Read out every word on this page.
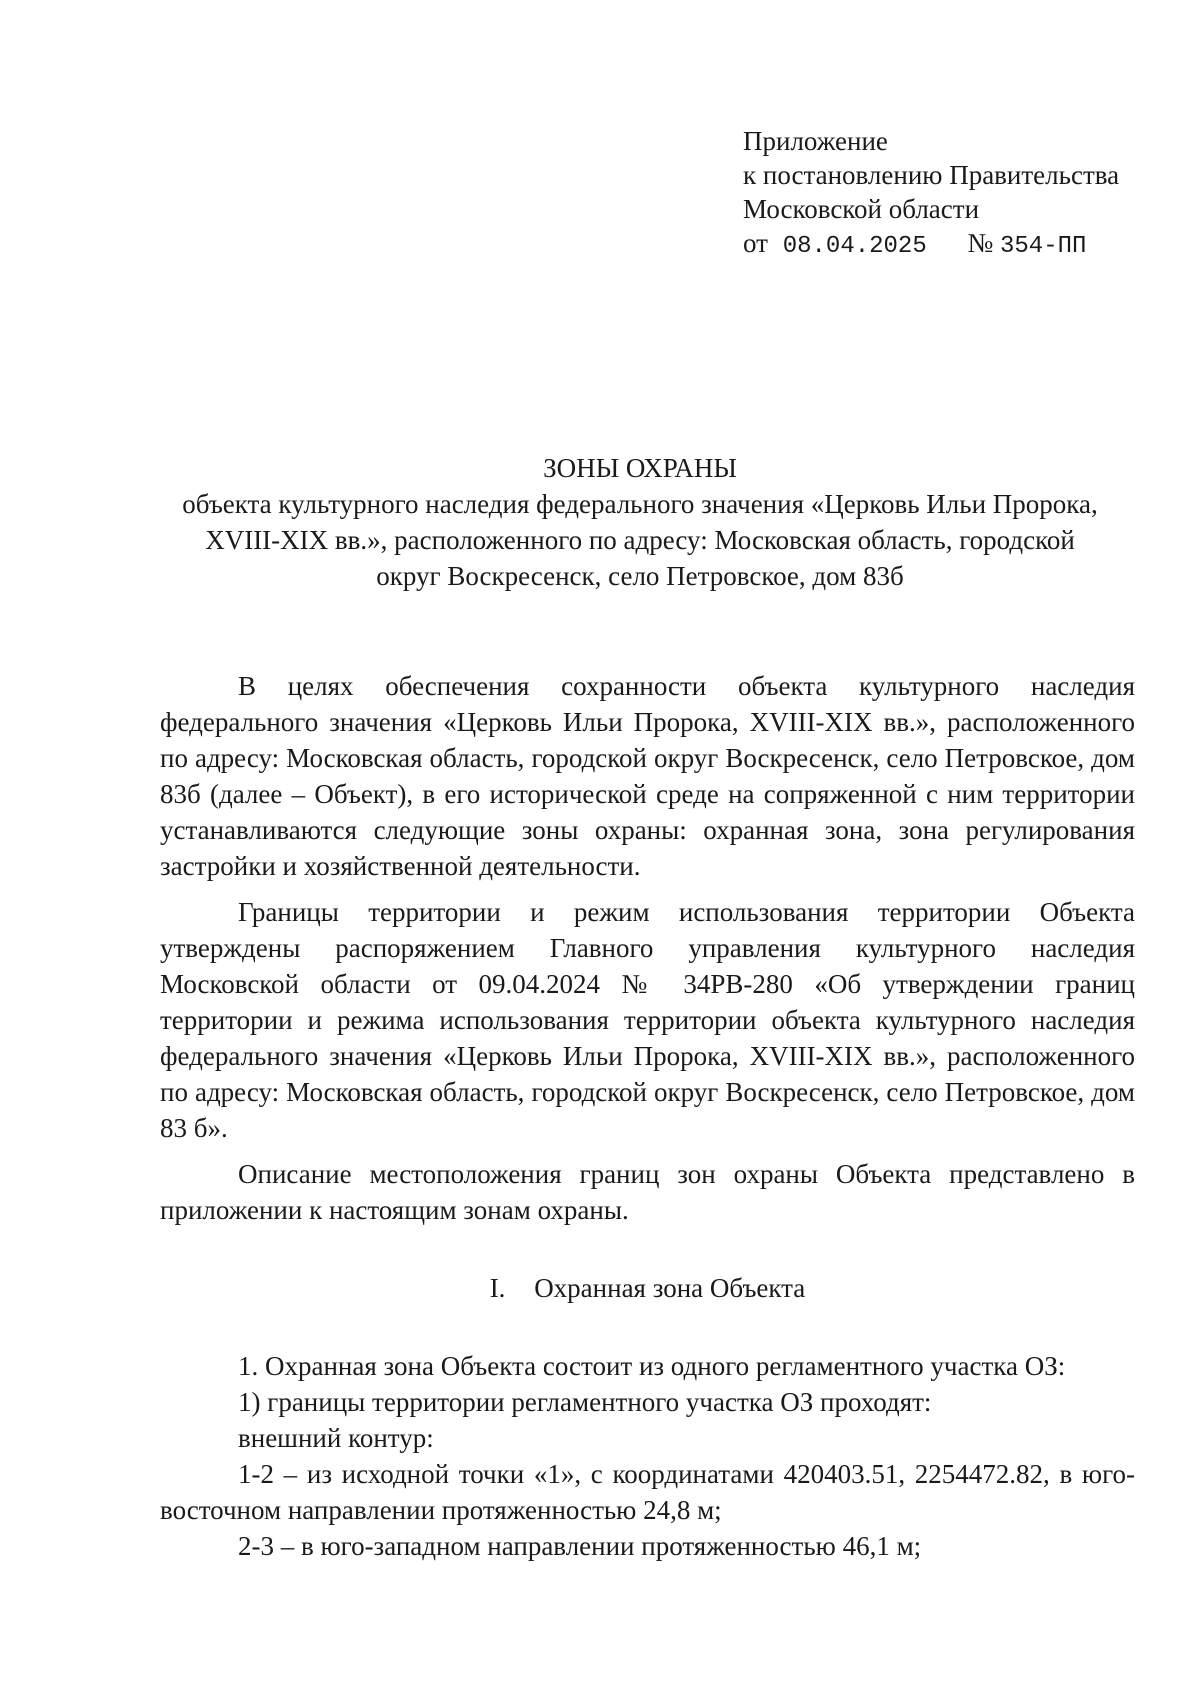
Приложение
к постановлению Правительства
Московской области
от 08.04.2025 № 354-ПП
ЗОНЫ ОХРАНЫ
объекта культурного наследия федерального значения «Церковь Ильи Пророка,
XVIII-XIX вв.», расположенного по адресу: Московская область, городской
округ Воскресенск, село Петровское, дом 83б

В целях обеспечения сохранности объекта культурного наследия федерального значения «Церковь Ильи Пророка, XVIII-XIX вв.», расположенного по адресу: Московская область, городской округ Воскресенск, село Петровское, дом 83б (далее – Объект), в его исторической среде на сопряженной с ним территории устанавливаются следующие зоны охраны: охранная зона, зона регулирования застройки и хозяйственной деятельности.

Границы территории и режим использования территории Объекта утверждены распоряжением Главного управления культурного наследия Московской области от 09.04.2024 № 34РВ-280 «Об утверждении границ территории и режима использования территории объекта культурного наследия федерального значения «Церковь Ильи Пророка, XVIII-XIX вв.», расположенного по адресу: Московская область, городской округ Воскресенск, село Петровское, дом 83 б».

Описание местоположения границ зон охраны Объекта представлено в приложении к настоящим зонам охраны.

I. Охранная зона Объекта

1. Охранная зона Объекта состоит из одного регламентного участка ОЗ:

1) границы территории регламентного участка ОЗ проходят:

внешний контур:

1-2 – из исходной точки «1», с координатами 420403.51, 2254472.82, в юго-восточном направлении протяженностью 24,8 м;

2-3 – в юго-западном направлении протяженностью 46,1 м;
